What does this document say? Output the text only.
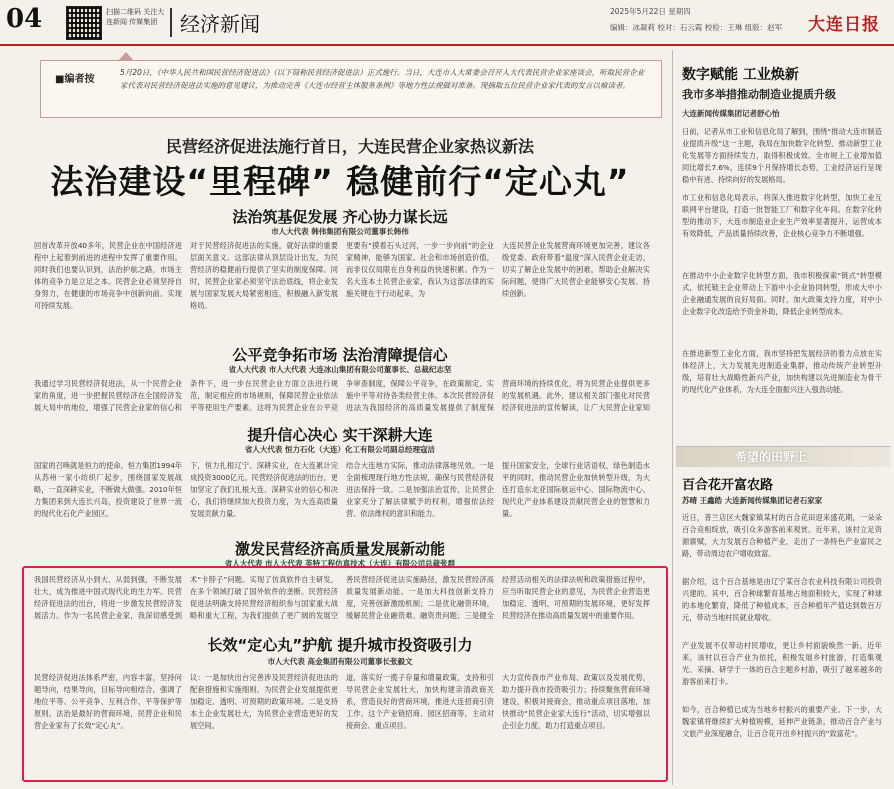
04	扫描二维码 关注大连新闻 传媒集团	经济新闻
2025年5月22日 星期四
编辑：冰凝莉 校对：石云霞 校检：王琳 组版：赵军	大连日报
■编者按
5月20日，《中华人民共和国民营经济促进法》（以下简称民营经济促进法）正式施行。当日，大连市人大常委会召开人大代表民营企业家座谈会，听取民营企业家代表对民营经济促进法实施的意见建议，为推动完善《大连市经营主体服务条例》等地方性法规做对准备。现摘取五位民营企业家代表的发言以飨读者。
民营经济促进法施行首日，大连民营企业家热议新法
法治建设“里程碑” 稳健前行“定心丸”
法治筑基促发展 齐心协力谋长远
市人大代表 韩伟集团有限公司董事长韩伟
回首改革开放40多年，民营企业在中国经济进程中上起着到前进的进程中发挥了重要作用。同时我们也要认识到，法治护航之路，市场主体的竞争力是立足之本。民营企业必须坚持自身努力，在健康的市场竞争中创新向前。实现可持续发展。
对于民营经济促进法的实施，就好法律的重要层面关意义。这部法律从顶层设计出发，为民营经济的稳健前行提供了坚实的制度保障。同时，民营企业家必须坚守法治底线，将企业发展与国家发展大局紧密相连，积极融入新发展格局。
更要有“摸着石头过河，一步一步向前”的企业家精神，能够为国家、社会和市场创造价值，而非仅仅局限在自身利益的快速积累。作为一名大连本土民营企业家，我认为这部法律的实施关键在于行动起来，为
大连民营企业发展营商环境更加完善。建议各级党委、政府带着“温度”深入民营企业走访，切实了解企业发展中的困难，帮助企业解决实际问题，使得广大民营企业能够安心发展、持续创新。
公平竞争拓市场 法治清障提信心
省人大代表 市人大代表 大连冰山集团有限公司董事长、总裁纪志坚
我通过学习民营经济促进法，从一个民营企业家的角度，进一步把握民营经济在全国经济发展大局中的地位，增强了民营企业家的信心和
条件下，进一步在民营企业方面立法进行规范，制定相应的市场规则，保障民营企业依法平等使用生产要素。这将为民营企业在公平竞
争审查制度，保障公平竞争，在政策制定、实施中平等对待各类经营主体。本次民营经济促进法为我国经济的高质量发展提供了制度保
营商环境的持续优化，将为民营企业提供更多的发展机遇。此外，建议相关部门强化对民营经济促进法的宣传解读，让广大民营企业家知
提升信心决心 实干深耕大连
省人大代表 恒力石化（大连）化工有限公司副总经理寇洁
国家的召唤就是恒力的使命。恒力集团1994年从苏州一家小纺织厂起步，围绕国家发展战略，一直深耕实业，不断做大做强。2010年恒力集团来到大连长兴岛，投资建设了世界一流的现代化石化产业园区。
下，恒力扎根辽宁、深耕实业，在大连累计完成投资3000亿元。民营经济促进法的出台，更加坚定了我们扎根大连、深耕实业的信心和决心，我们将继续加大投资力度，为大连高质量发展贡献力量。
结合大连地方实际，推动法律落地见效。一是全面梳理现行地方性法规，确保与民营经济促进法保持一致。二是加强法治宣传，让民营企业家充分了解法律赋予的权利，增强依法经营、依法维权的意识和能力。
提升国家安全，全球行业话语权，绿色制造水平的同时，推动民营企业加快转型升级，为大连打造东北亚国际航运中心、国际物流中心、现代化产业体系建设贡献民营企业的智慧和力量。
激发民营经济高质量发展新动能
省人大代表 市人大代表 英特工程仿真技术（大连）有限公司总裁张群
我国民营经济从小到大、从弱到强，不断发展壮大，成为推进中国式现代化的生力军。民营经济促进法的出台，将进一步激发民营经济发展活力。作为一名民营企业家，我深切感受到
术“卡脖子”问题。实现了仿真软件自主研发，在多个领域打破了国外软件的垄断。民营经济促进法明确支持民营经济组织参与国家重大战略和重大工程，为我们提供了更广阔的发展空
善民营经济促进法实施路径，激发民营经济高质量发展新动能。一是加大科技创新支持力度，完善创新激励机制；二是优化融资环境，缓解民营企业融资难、融资贵问题；三是健全
经营活动相关的法律法规和政策措施过程中，应当听取民营企业的意见，为民营企业营造更加稳定、透明、可预期的发展环境，更好发挥民营经济在推动高质量发展中的重要作用。
长效“定心丸”护航 提升城市投资吸引力
市人大代表 高金集团有限公司董事长张毅文
民营经济促进法体系严密，内容丰富，坚持问题导向，结果导向，目标导向相结合，强调了地位平等、公平竞争、互利合作、平等保护等原则。法治是最好的营商环境，民营企业和民营企业家有了长效“定心丸”。
议：一是加快出台完善涉及民营经济促进法的配套措施和实施细则，为民营企业发展提供更加稳定、透明、可预期的政策环境。二是支持本土企业发展壮大，为民营企业营造更好的发展空间。
道，落实好一揽子存量和增量政策，支持和引导民营企业发展壮大，加快构建亲清政商关系，营造良好的营商环境，推进大连招商引资工作，这个产业链招商、园区招商等，主动对接商会、重点项目。
大力宣传我市产业布局、政策以及发展优势，助力提升我市投资吸引力；持续聚焦营商环境建设，积极对接商会，推动重点项目落地，加快推动“民营企业家大连行”活动，切实增强以企引企力度，助力打造重点项目。
数字赋能 工业焕新
我市多举措推动制造业提质升级
大连新闻传媒集团记者舒心怡
日前，记者从市工业和信息化局了解到，围绕“推动大连市制造业提质升级”这一主题，我局在加快数字化转型、推动新型工业化发展等方面持续发力，取得积极成效。全市规上工业增加值同比增长7.6%，连续9个月保持增长态势，工业经济运行呈现稳中有进、持续向好的发展格局。
市工业和信息化局表示，将深入推进数字化转型，加快工业互联网平台建设，打造一批智能工厂和数字化车间。在数字化转型的推动下，大连市制造业企业生产效率显著提升，运营成本有效降低，产品质量持续改善，企业核心竞争力不断增强。
在推动中小企业数字化转型方面，我市积极探索“链式”转型模式，依托链主企业带动上下游中小企业协同转型，形成大中小企业融通发展的良好局面。同时，加大政策支持力度，对中小企业数字化改造给予资金补助，降低企业转型成本。
在推进新型工业化方面，我市坚持把发展经济的着力点放在实体经济上，大力发展先进制造业集群，推动传统产业转型升级，培育壮大战略性新兴产业，加快构建以先进制造业为骨干的现代化产业体系，为大连全面振兴注入强劲动能。
希望的田野上
百合花开富农路
苏晴 王鑫皓 大连新闻传媒集团记者石家家
近日，普兰店区大魏家镇某村的百合花田迎来盛花期，一朵朵百合竞相绽放，吸引众多游客前来观赏。近年来，该村立足资源禀赋，大力发展百合种植产业，走出了一条特色产业富民之路，带动周边农户增收致富。
据介绍，这个百合基地是由辽宁某百合农业科技有限公司投资兴建的。其中，百合种球繁育基地占地面积较大，实现了种球的本地化繁育，降低了种植成本，百合种植年产值达到数百万元，带动当地村民就业增收。
产业发展不仅带动村民增收，更让乡村面貌焕然一新。近年来，该村以百合产业为依托，积极发展乡村旅游，打造集观光、采摘、研学于一体的百合主题乡村游，吸引了越来越多的游客前来打卡。
如今，百合种植已成为当地乡村振兴的重要产业。下一步，大魏家镇将继续扩大种植规模，延伸产业链条，推动百合产业与文旅产业深度融合，让百合花开出乡村振兴的“致富花”。
